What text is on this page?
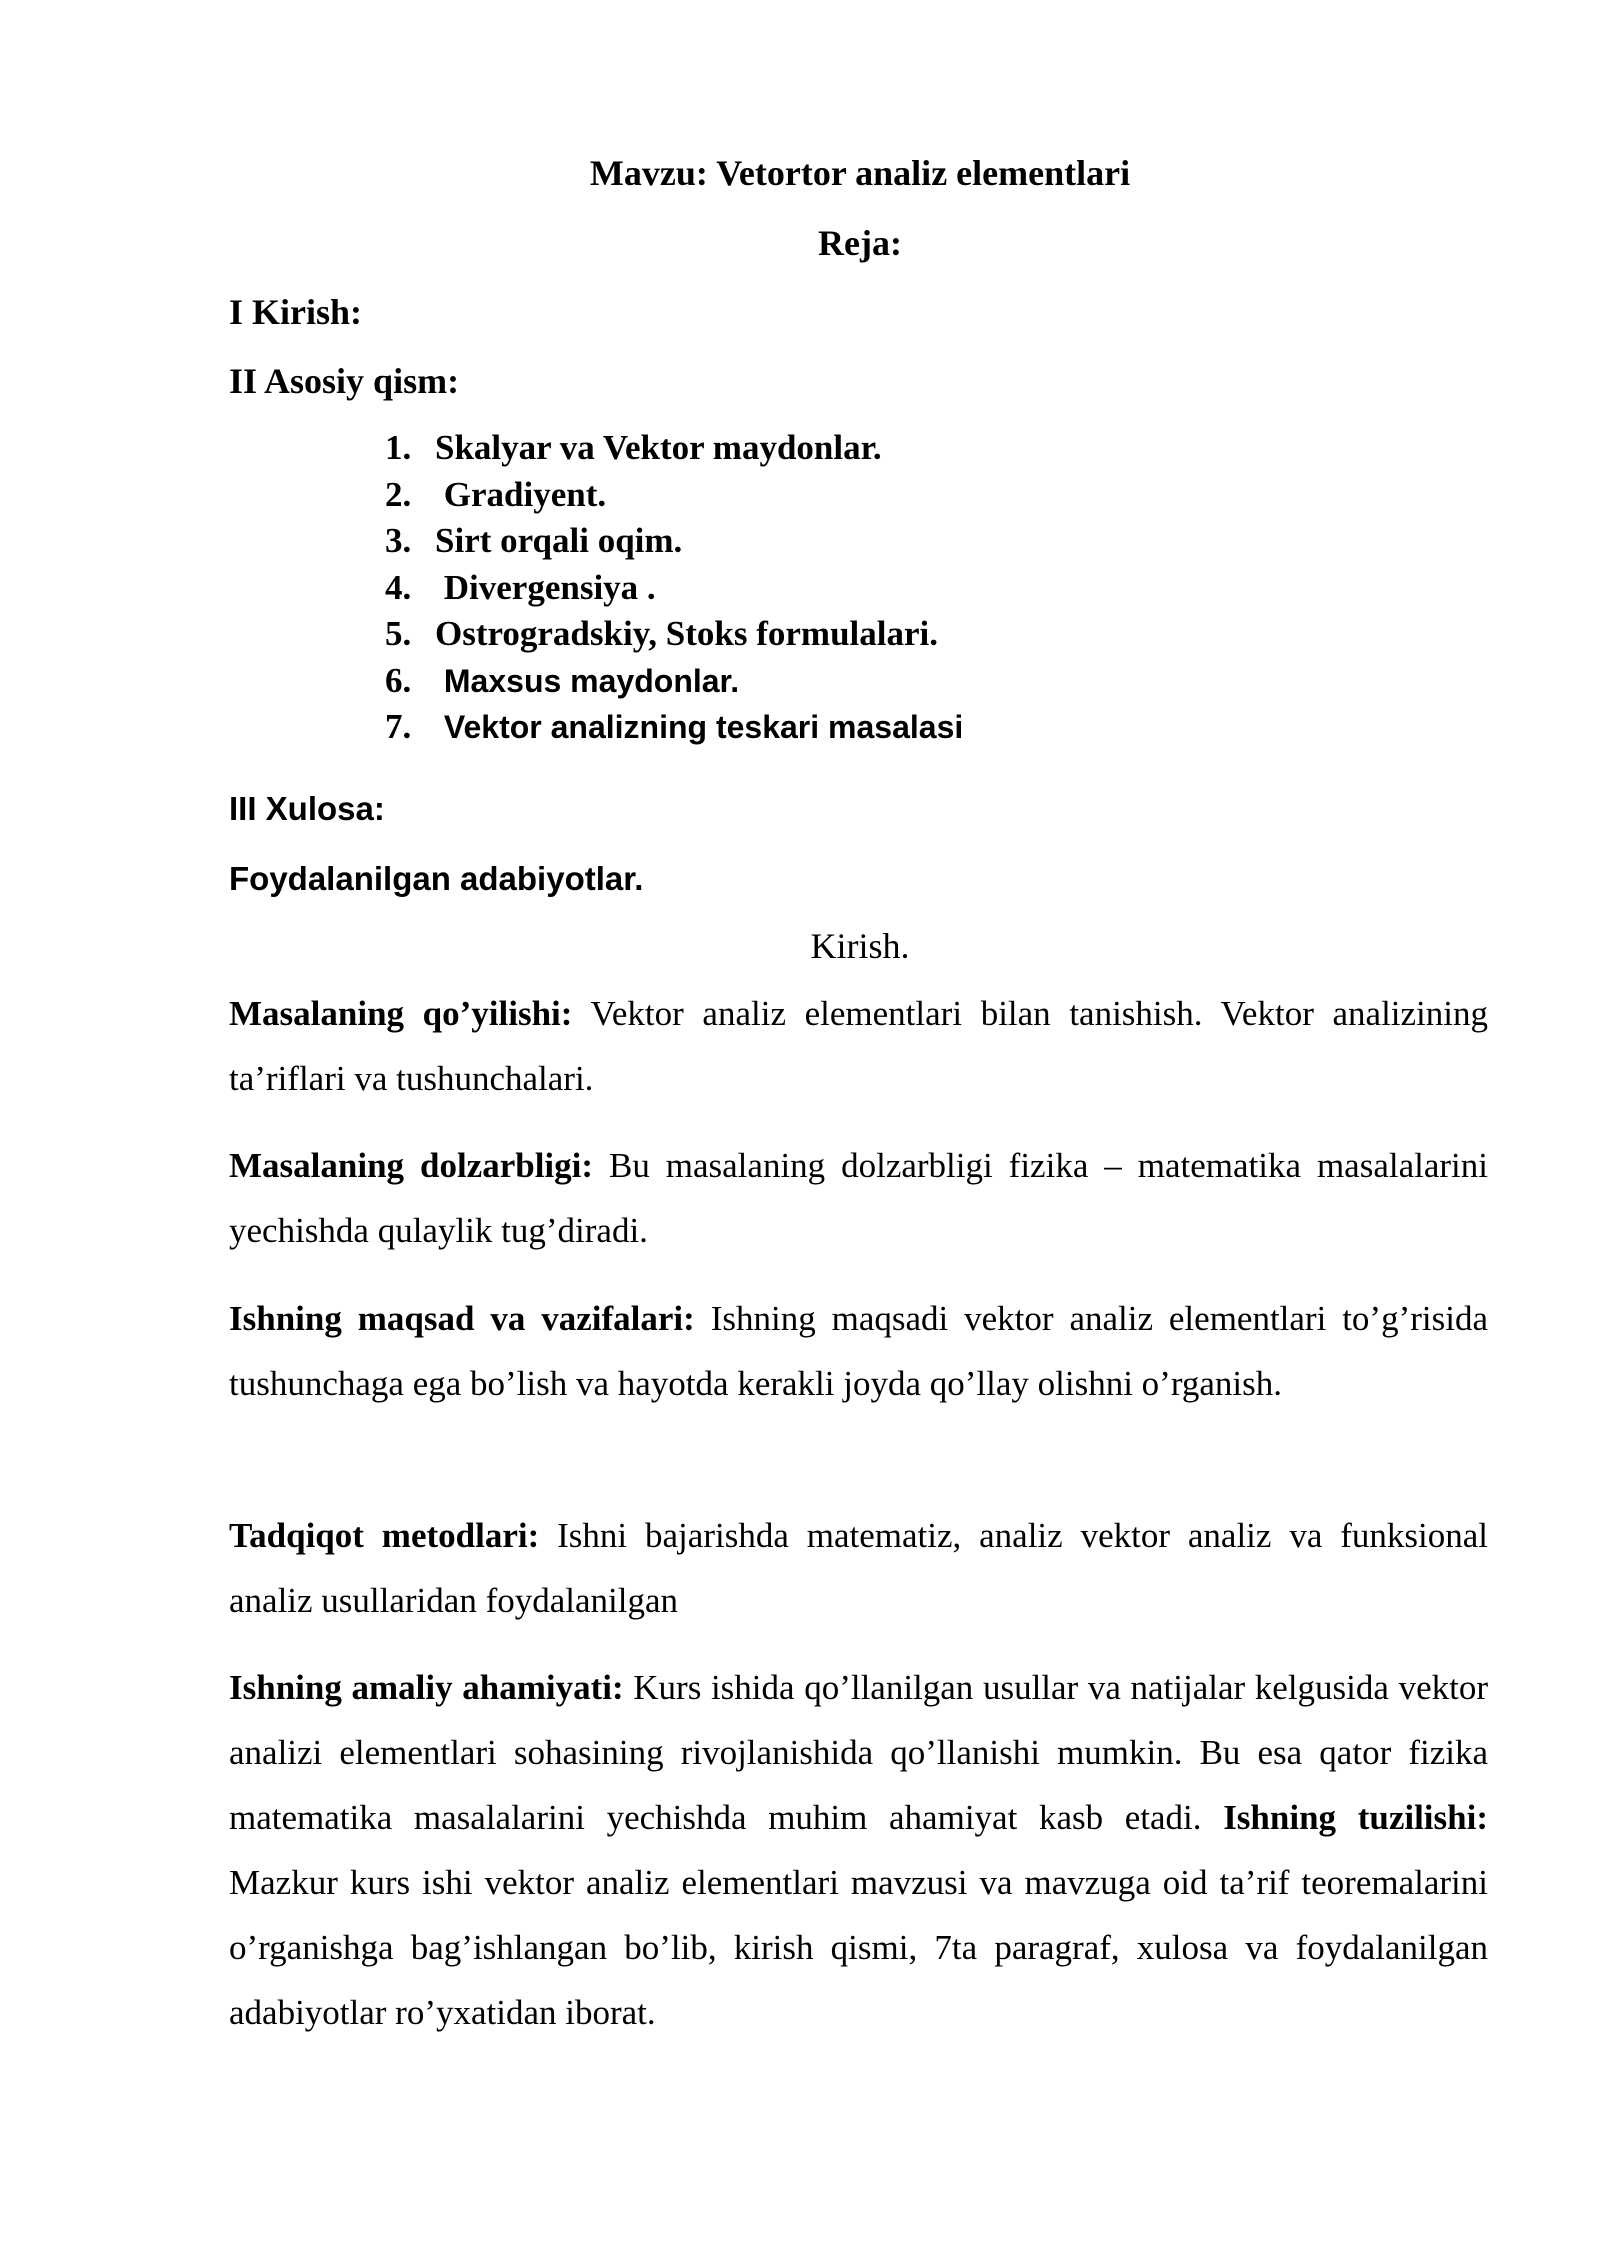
Mavzu: Vetortor analiz elementlari
Reja:
I Kirish:
II Asosiy qism:
1. Skalyar va Vektor maydonlar.
2. Gradiyent.
3. Sirt orqali oqim.
4. Divergensiya .
5. Ostrogradskiy, Stoks formulalari.
6. Maxsus maydonlar.
7. Vektor analizning teskari masalasi
III Xulosa:
Foydalanilgan adabiyotlar.
Kirish.

Masalaning qo’yilishi: Vektor analiz elementlari bilan tanishish. Vektor analizining ta’riflari va tushunchalari.

Masalaning dolzarbligi: Bu masalaning dolzarbligi fizika – matematika masalalarini yechishda qulaylik tug’diradi.

Ishning maqsad va vazifalari: Ishning maqsadi vektor analiz elementlari to’g’risida tushunchaga ega bo’lish va hayotda kerakli joyda qo’llay olishni o’rganish.

Tadqiqot metodlari: Ishni bajarishda matematiz, analiz vektor analiz va funksional analiz usullaridan foydalanilgan

Ishning amaliy ahamiyati: Kurs ishida qo’llanilgan usullar va natijalar kelgusida vektor analizi elementlari sohasining rivojlanishida qo’llanishi mumkin. Bu esa qator fizika matematika masalalarini yechishda muhim ahamiyat kasb etadi. Ishning tuzilishi: Mazkur kurs ishi vektor analiz elementlari mavzusi va mavzuga oid ta’rif teoremalarini o’rganishga bag’ishlangan bo’lib, kirish qismi, 7ta paragraf, xulosa va foydalanilgan adabiyotlar ro’yxatidan iborat.
